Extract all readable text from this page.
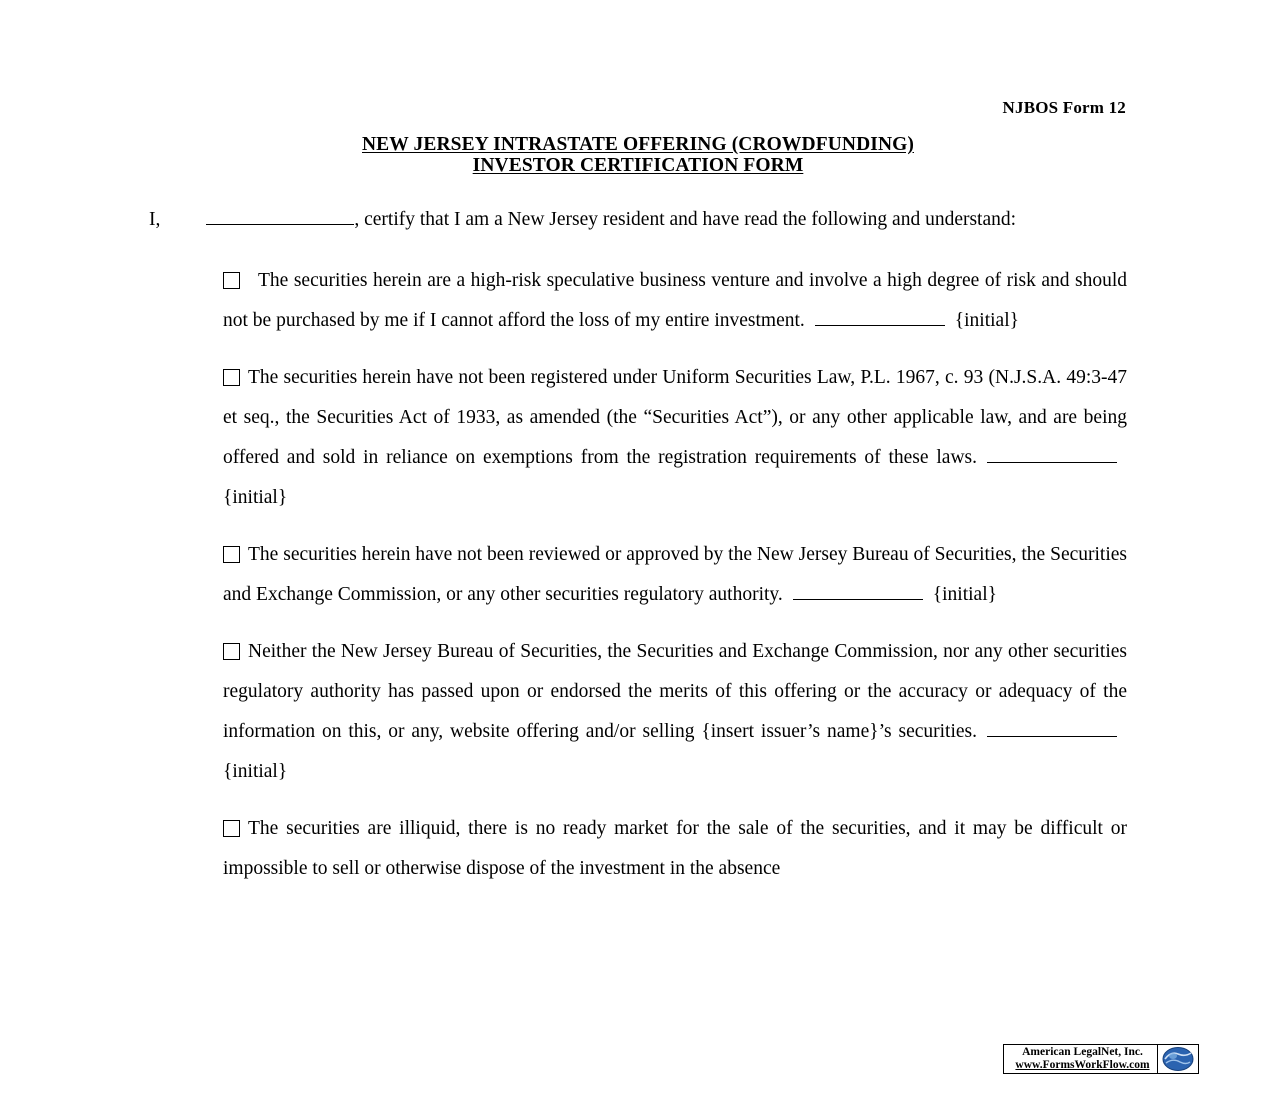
NJBOS Form 12
NEW JERSEY INTRASTATE OFFERING (CROWDFUNDING)
INVESTOR CERTIFICATION FORM

I,	, certify that I am a New Jersey resident and have read the following and understand:

The securities herein are a high-risk speculative business venture and involve a high degree of risk and should not be purchased by me if I cannot afford the loss of my entire investment.	{initial}

The securities herein have not been registered under Uniform Securities Law, P.L. 1967, c. 93 (N.J.S.A. 49:3-47 et seq., the Securities Act of 1933, as amended (the “Securities Act”), or any other applicable law, and are being offered and sold in reliance on exemptions from the registration requirements of these laws.{initial}

The securities herein have not been reviewed or approved by the New Jersey Bureau of Securities, the Securities and Exchange Commission, or any other securities regulatory authority.	{initial}

Neither the New Jersey Bureau of Securities, the Securities and Exchange Commission, nor any other securities regulatory authority has passed upon or endorsed the merits of this offering or the accuracy or adequacy of the information on this, or any, website offering and/or selling {insert issuer’s name}’s securities.{initial}

The securities are illiquid, there is no ready market for the sale of the securities, and it may be difficult or impossible to sell or otherwise dispose of the investment in the absence

American LegalNet, Inc.
www.FormsWorkFlow.com
